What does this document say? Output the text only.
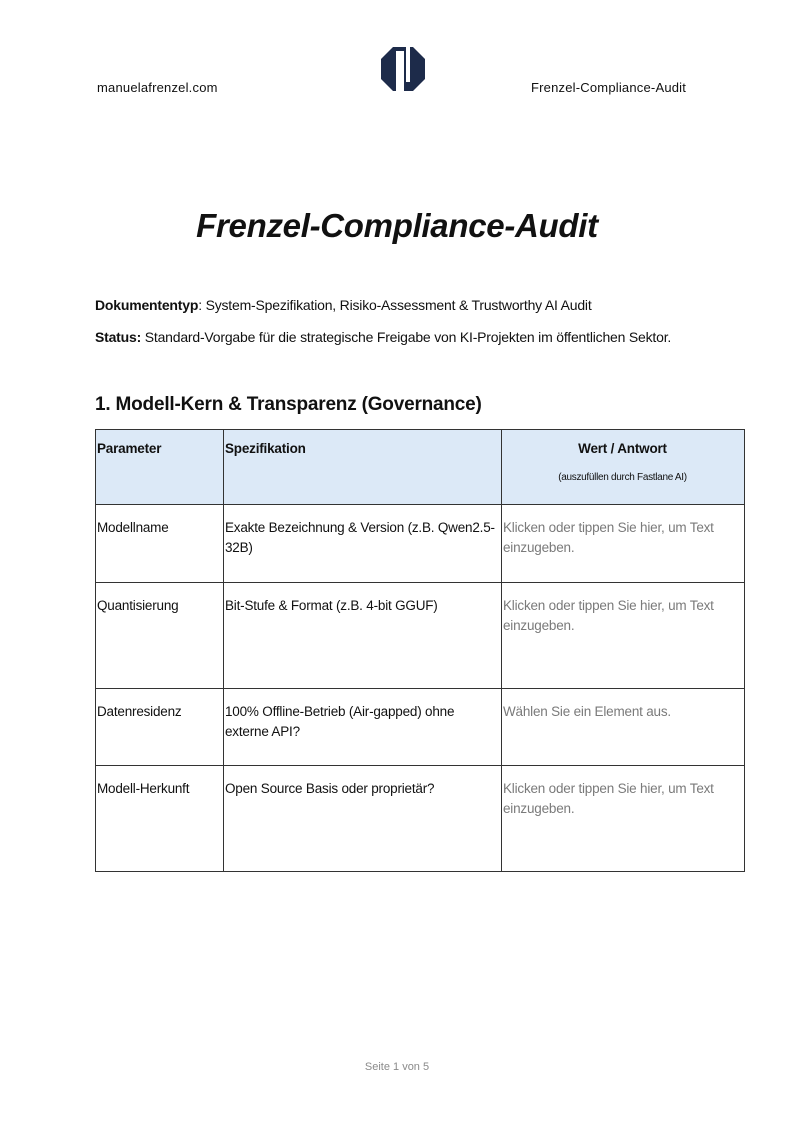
manuelafrenzel.com	Frenzel-Compliance-Audit
Frenzel-Compliance-Audit
Dokumententyp: System-Spezifikation, Risiko-Assessment & Trustworthy AI Audit
Status: Standard-Vorgabe für die strategische Freigabe von KI-Projekten im öffentlichen Sektor.
1. Modell-Kern & Transparenz (Governance)
Parameter	Spezifikation	Wert / Antwort
(auszufüllen durch Fastlane AI)

Modellname	Exakte Bezeichnung & Version (z.B. Qwen2.5-32B)	Klicken oder tippen Sie hier, um Text einzugeben.
Quantisierung	Bit-Stufe & Format (z.B. 4-bit GGUF)	Klicken oder tippen Sie hier, um Text einzugeben.
Datenresidenz	100% Offline-Betrieb (Air-gapped) ohne externe API?	Wählen Sie ein Element aus.
Modell-Herkunft	Open Source Basis oder proprietär?	Klicken oder tippen Sie hier, um Text einzugeben.
Seite 1 von 5
